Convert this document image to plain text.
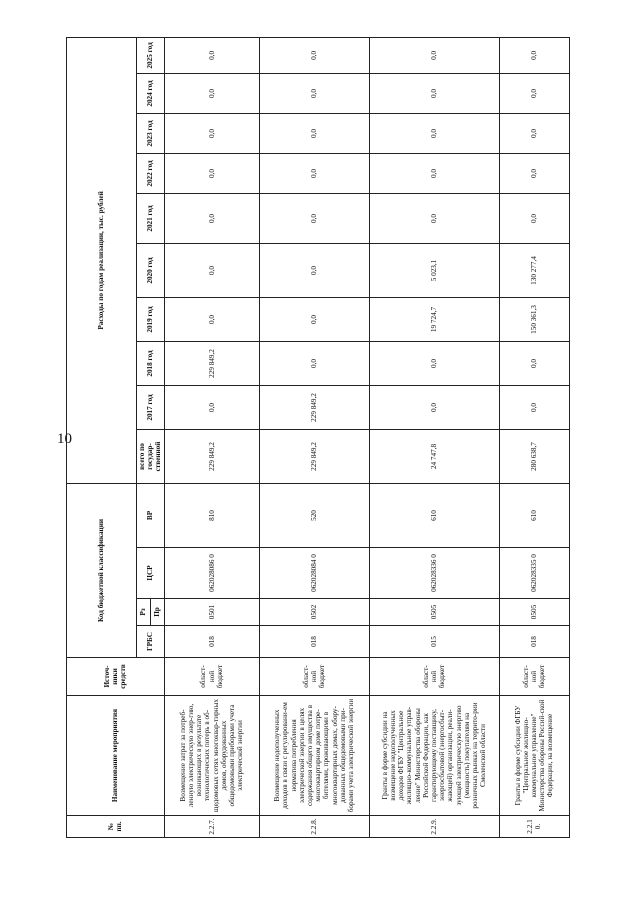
10
№ пп.	Наименование мероприятия	Источ-ники средств	Код бюджетной классификации				Расходы по годам реализации, тыс. рублей									
			ГРБС	Рз	ЦСР	ВР	всего по государ-ственной	2017 год	2018 год	2019 год	2020 год	2021 год	2022 год	2023 год	2024 год	2025 год
				Пр												
2.2.7.	Возмещение затрат за потреб-ленную электрическую энер-гию, возникающих в результате технологических потерь в об-щедомовых сетях многоквар-тирных домов, оборудованных общедомовыми приборами учета электрической энергии	област-ной бюджет	018	0501	062028086 0	810	229 849,2	0,0	229 849,2	0,0	0,0	0,0	0,0	0,0	0,0	0,0
2.2.8.	Возмещение недополученных доходов в связи с регулировани-ем норматива потребления электрической энергии в целях содержания общего имущества в многоквартирном доме потре-бителями, проживающими в многоквартирных домах, обору-дованных общедомовыми при-борами учета электрической энергии	област-ной бюджет	018	0502	062028084 0	520	229 849,2	229 849,2	0,0	0,0	0,0	0,0	0,0	0,0	0,0	0,0
2.2.9.	Гранты в форме субсидии на возмещение недополученных доходов ФГБУ "Центральное жилищно-коммунальное управ-ление" Министерства обороны Российской Федерации, как гарантирующему поставщику, энергосбытовой (энергосбыт-жающей) организации, реали-зующей электрическую энергию (мощность) покупателям на розничных рынках на террито-рии Смоленской области	област-ной бюджет	015	0505	062028336 0	610	24 747,8	0,0	0,0	19 724,7	5 023,1	0,0	0,0	0,0	0,0	0,0
2.2.10.	Гранты в форме субсидии ФГБУ "Центральное жилищно-коммунальное управление" Министерства обороны Россий-ской Федерации, на возмещение	област-ной бюджет	018	0505	062028335 0	610	280 638,7	0,0	0,0	150 361,3	130 277,4	0,0	0,0	0,0	0,0	0,0
